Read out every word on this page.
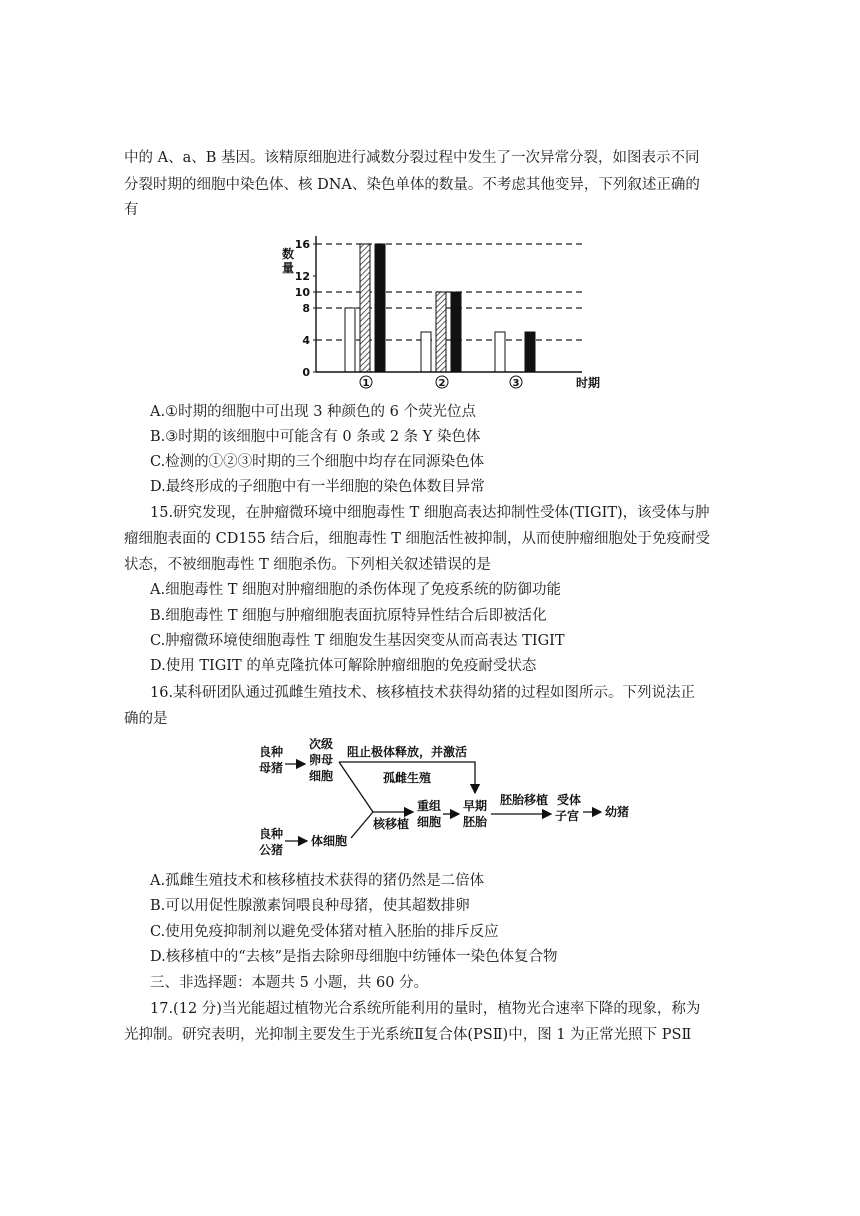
中的 A、a、B 基因。该精原细胞进行减数分裂过程中发生了一次异常分裂，如图表示不同

分裂时期的细胞中染色体、核 DNA、染色单体的数量。不考虑其他变异，下列叙述正确的

有

0
4
8
10
12
16
1	2	3
数
量
时期

A.①时期的细胞中可出现 3 种颜色的 6 个荧光位点

B.③时期的该细胞中可能含有 0 条或 2 条 Y 染色体

C.检测的①②③时期的三个细胞中均存在同源染色体

D.最终形成的子细胞中有一半细胞的染色体数目异常

15.研究发现，在肿瘤微环境中细胞毒性 T 细胞高表达抑制性受体(TIGIT)，该受体与肿

瘤细胞表面的 CD155 结合后，细胞毒性 T 细胞活性被抑制，从而使肿瘤细胞处于免疫耐受

状态，不被细胞毒性 T 细胞杀伤。下列相关叙述错误的是

A.细胞毒性 T 细胞对肿瘤细胞的杀伤体现了免疫系统的防御功能

B.细胞毒性 T 细胞与肿瘤细胞表面抗原特异性结合后即被活化

C.肿瘤微环境使细胞毒性 T 细胞发生基因突变从而高表达 TIGIT

D.使用 TIGIT 的单克隆抗体可解除肿瘤细胞的免疫耐受状态

16.某科研团队通过孤雌生殖技术、核移植技术获得幼猪的过程如图所示。下列说法正

确的是

良种
母猪
次级
卵母
细胞
阻止极体释放，并激活
孤雌生殖
良种
公猪
体细胞
核移植
重组
细胞
早期
胚胎
胚胎移植 受体
子宫 幼猪

A.孤雌生殖技术和核移植技术获得的猪仍然是二倍体

B.可以用促性腺激素饲喂良种母猪，使其超数排卵

C.使用免疫抑制剂以避免受体猪对植入胚胎的排斥反应

D.核移植中的“去核”是指去除卵母细胞中纺锤体一染色体复合物

三、非选择题：本题共 5 小题，共 60 分。

17.(12 分)当光能超过植物光合系统所能利用的量时，植物光合速率下降的现象，称为

光抑制。研究表明，光抑制主要发生于光系统Ⅱ复合体(PSⅡ)中，图 1 为正常光照下 PSⅡ
